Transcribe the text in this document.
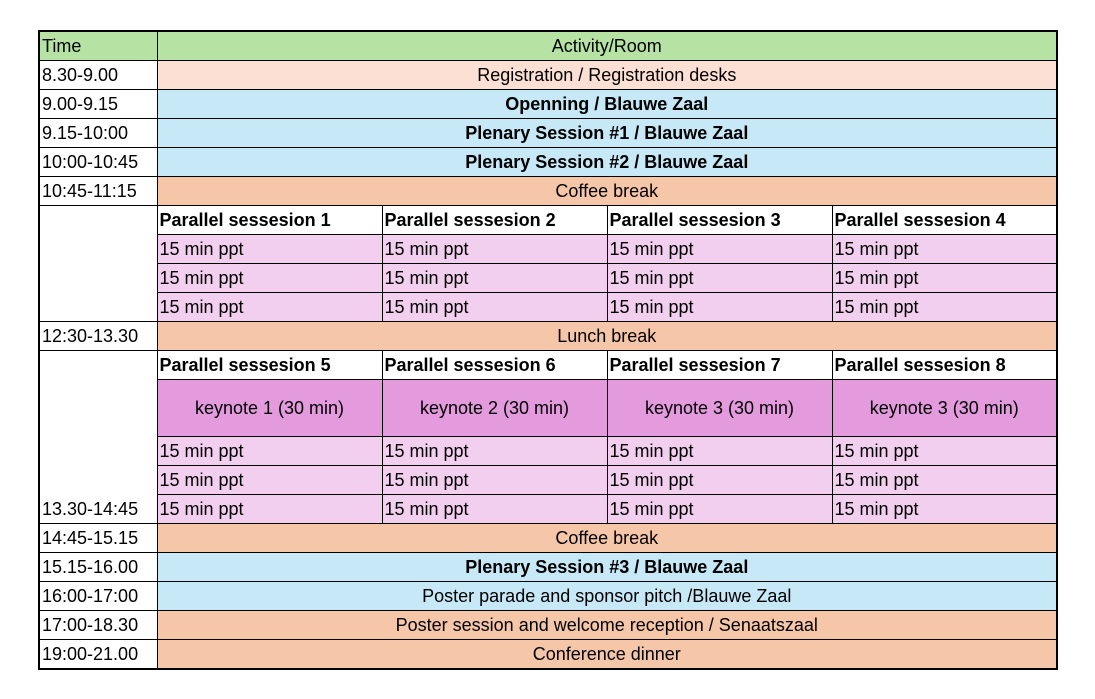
Time	Activity/Room			
8.30-9.00	Registration / Registration desks			
9.00-9.15	Openning / Blauwe Zaal			
9.15-10:00	Plenary Session #1 / Blauwe Zaal			
10:00-10:45	Plenary Session #2 / Blauwe Zaal			
10:45-11:15	Coffee break			
	Parallel sessesion 1	Parallel sessesion 2	Parallel sessesion 3	Parallel sessesion 4
	15 min ppt	15 min ppt	15 min ppt	15 min ppt
	15 min ppt	15 min ppt	15 min ppt	15 min ppt
	15 min ppt	15 min ppt	15 min ppt	15 min ppt
12:30-13.30	Lunch break			
13.30-14:45	Parallel sessesion 5	Parallel sessesion 6	Parallel sessesion 7	Parallel sessesion 8
	keynote 1 (30 min)	keynote 2 (30 min)	keynote 3 (30 min)	keynote 3 (30 min)
	15 min ppt	15 min ppt	15 min ppt	15 min ppt
	15 min ppt	15 min ppt	15 min ppt	15 min ppt
	15 min ppt	15 min ppt	15 min ppt	15 min ppt
14:45-15.15	Coffee break			
15.15-16.00	Plenary Session #3 / Blauwe Zaal			
16:00-17:00	Poster parade and sponsor pitch /Blauwe Zaal			
17:00-18.30	Poster session and welcome reception / Senaatszaal			
19:00-21.00	Conference dinner			
